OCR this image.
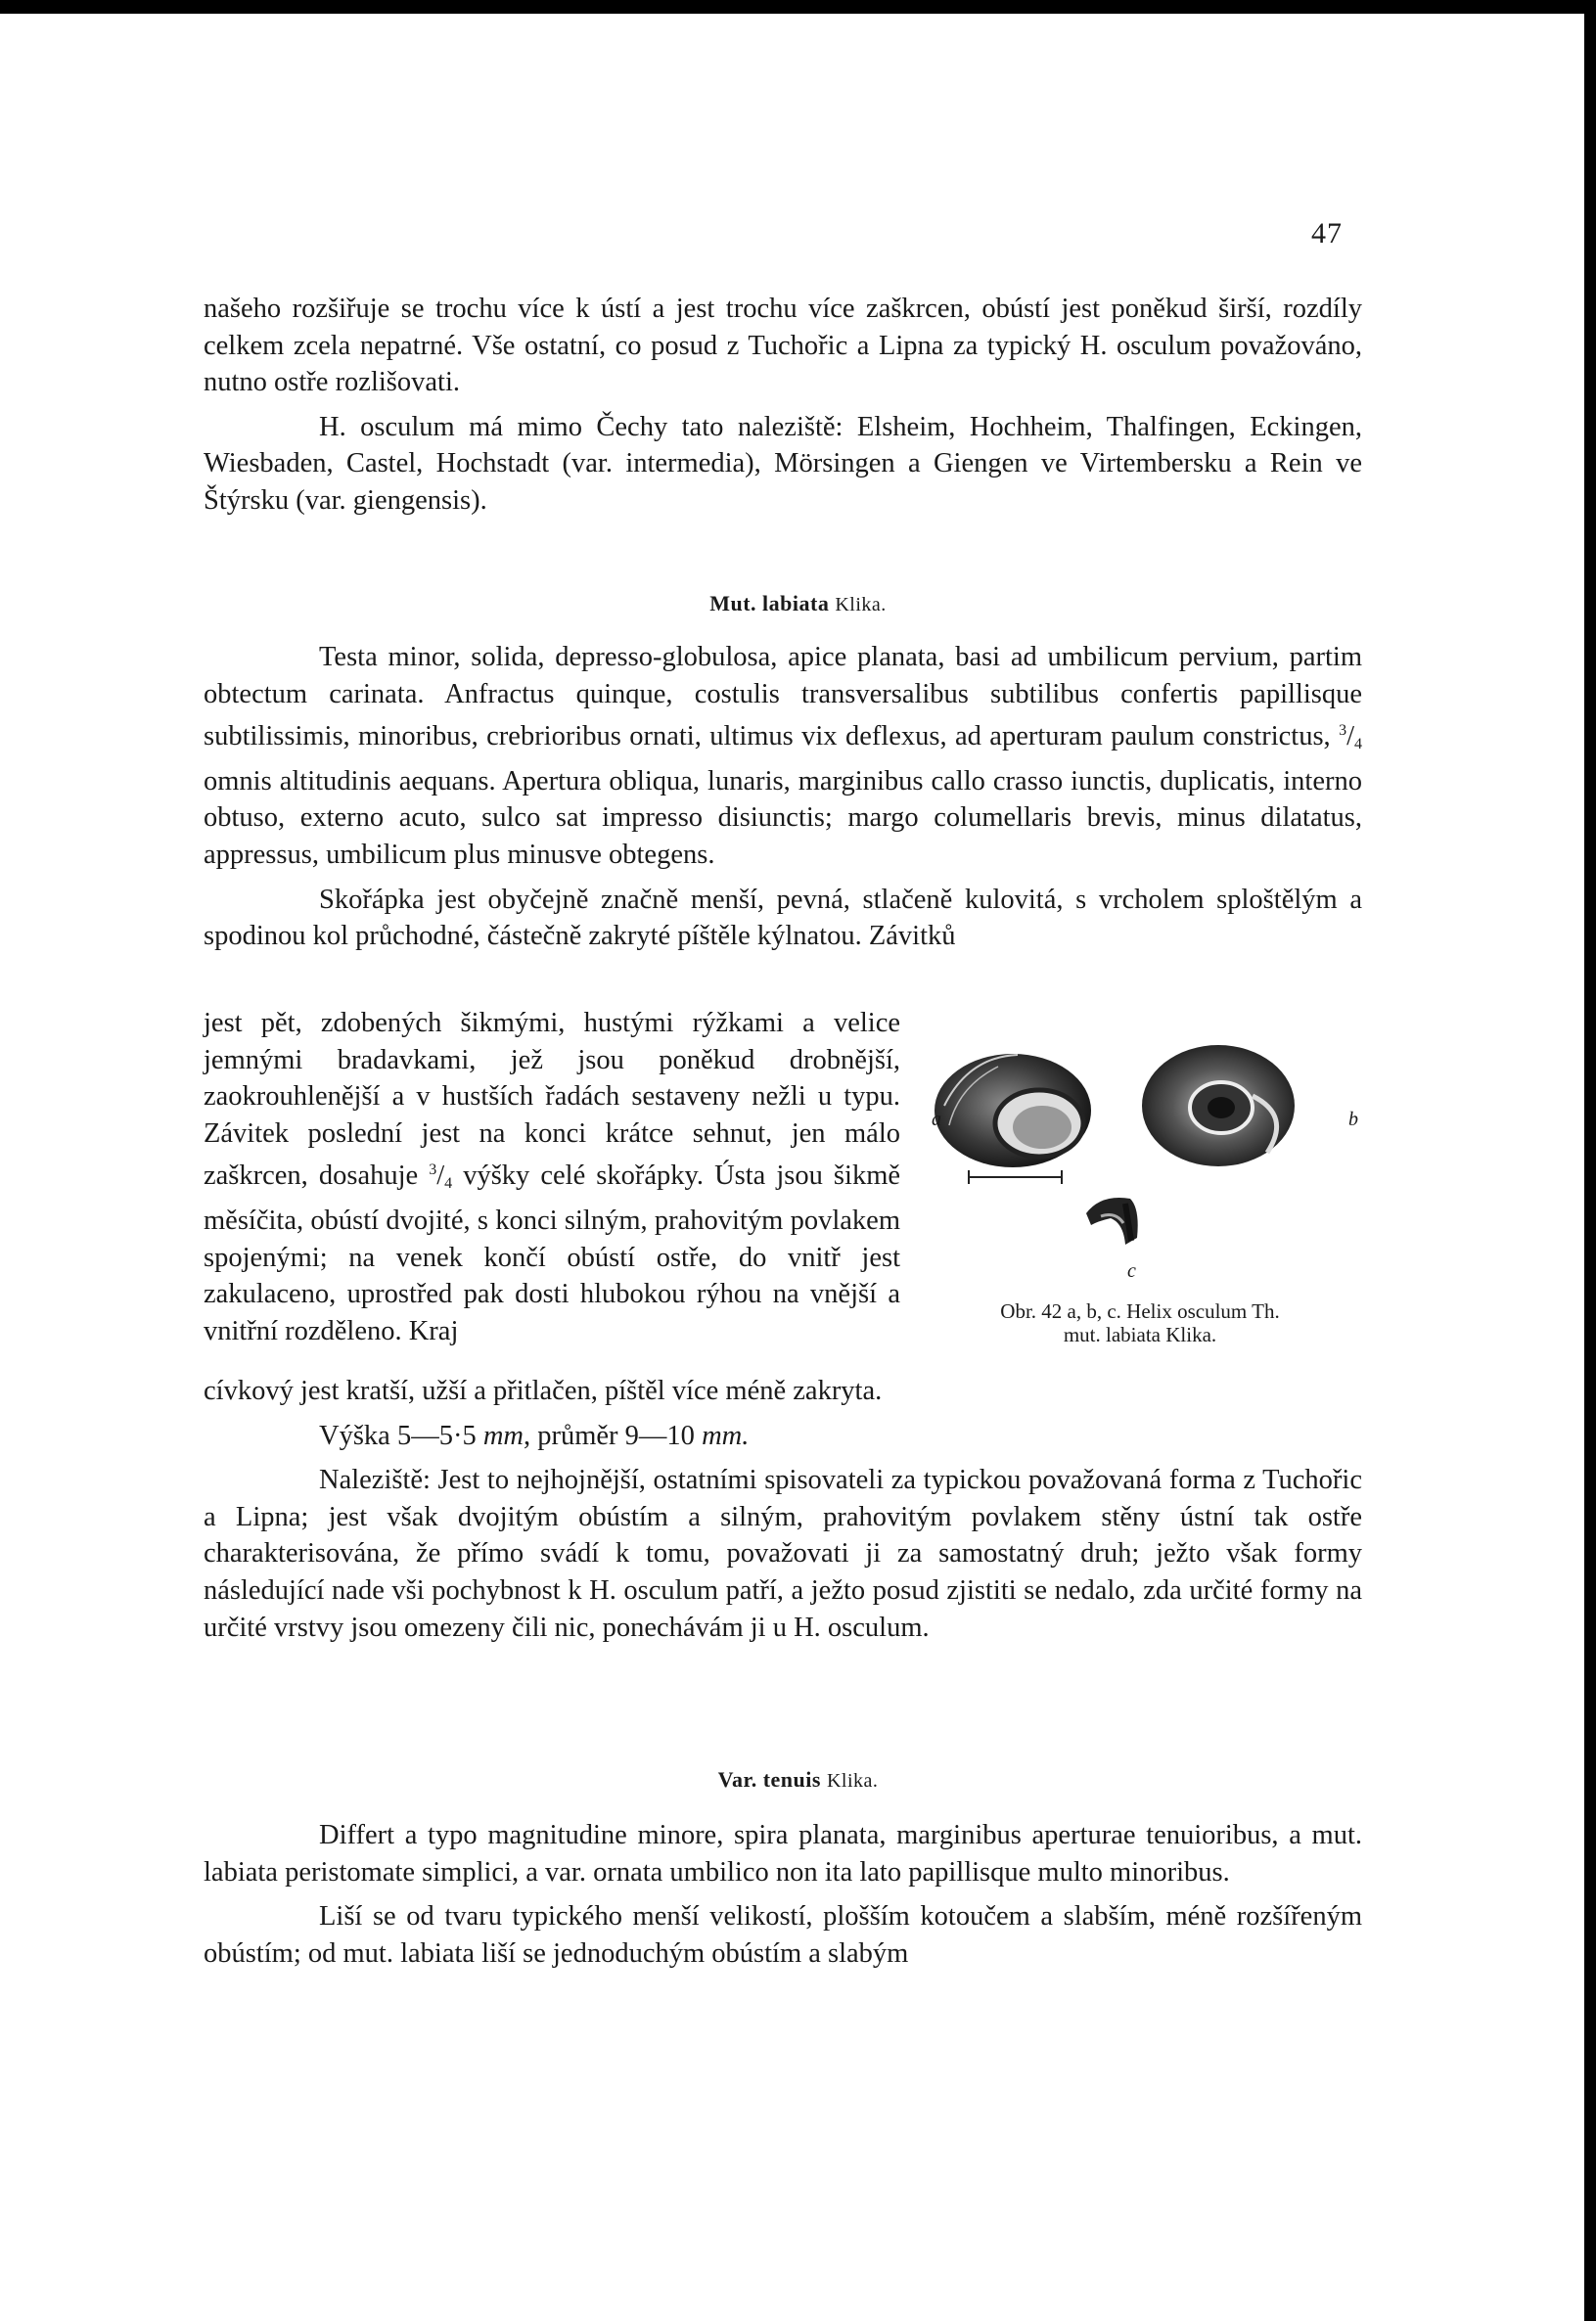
47

našeho rozšiřuje se trochu více k ústí a jest trochu více zaškrcen, obústí jest poněkud širší, rozdíly celkem zcela nepatrné. Vše ostatní, co posud z Tuchořic a Lipna za typický H. osculum považováno, nutno ostře rozlišovati.

H. osculum má mimo Čechy tato naleziště: Elsheim, Hochheim, Thalfingen, Eckingen, Wiesbaden, Castel, Hochstadt (var. intermedia), Mörsingen a Giengen ve Virtembersku a Rein ve Štýrsku (var. giengensis).

Mut. labiata Klika.

Testa minor, solida, depresso-globulosa, apice planata, basi ad umbilicum pervium, partim obtectum carinata. Anfractus quinque, costulis transversalibus subtilibus confertis papillisque subtilissimis, minoribus, crebrioribus ornati, ultimus vix deflexus, ad aperturam paulum constrictus, $^3/_4$ omnis altitudinis aequans. Apertura obliqua, lunaris, marginibus callo crasso iunctis, duplicatis, interno obtuso, externo acuto, sulco sat impresso disiunctis; margo columellaris brevis, minus dilatatus, appressus, umbilicum plus minusve obtegens.

Skořápka jest obyčejně značně menší, pevná, stlačeně kulovitá, s vrcholem sploštělým a spodinou kol průchodné, částečně zakryté píštěle kýlnatou. Závitků

jest pět, zdobených šikmými, hustými rýžkami a velice jemnými bradavkami, jež jsou poněkud drobnější, zaokrouhlenější a v hustších řadách sestaveny nežli u typu. Závitek poslední jest na konci krátce sehnut, jen málo zaškrcen, dosahuje $^3/_4$ výšky celé skořápky. Ústa jsou šikmě měsíčita, obústí dvojité, s konci silným, prahovitým povlakem spojenými; na venek končí obústí ostře, do vnitř jest zakulaceno, uprostřed pak dosti hlubokou rýhou na vnější a vnitřní rozděleno. Kraj

cívkový jest kratší, užší a přitlačen, píštěl více méně zakryta.

Výška 5—5·5 mm, průměr 9—10 mm.

Naleziště: Jest to nejhojnější, ostatními spisovateli za typickou považovaná forma z Tuchořic a Lipna; jest však dvojitým obústím a silným, prahovitým povlakem stěny ústní tak ostře charakterisována, že přímo svádí k tomu, považovati ji za samostatný druh; ježto však formy následující nade vši pochybnost k H. osculum patří, a ježto posud zjistiti se nedalo, zda určité formy na určité vrstvy jsou omezeny čili nic, ponechávám ji u H. osculum.

Var. tenuis Klika.

Differt a typo magnitudine minore, spira planata, marginibus aperturae tenuioribus, a mut. labiata peristomate simplici, a var. ornata umbilico non ita lato papillisque multo minoribus.

Liší se od tvaru typického menší velikostí, plošším kotoučem a slabším, méně rozšířeným obústím; od mut. labiata liší se jednoduchým obústím a slabým

a	b
c
Obr. 42 a, b, c. Helix osculum Th.
mut. labiata Klika.
